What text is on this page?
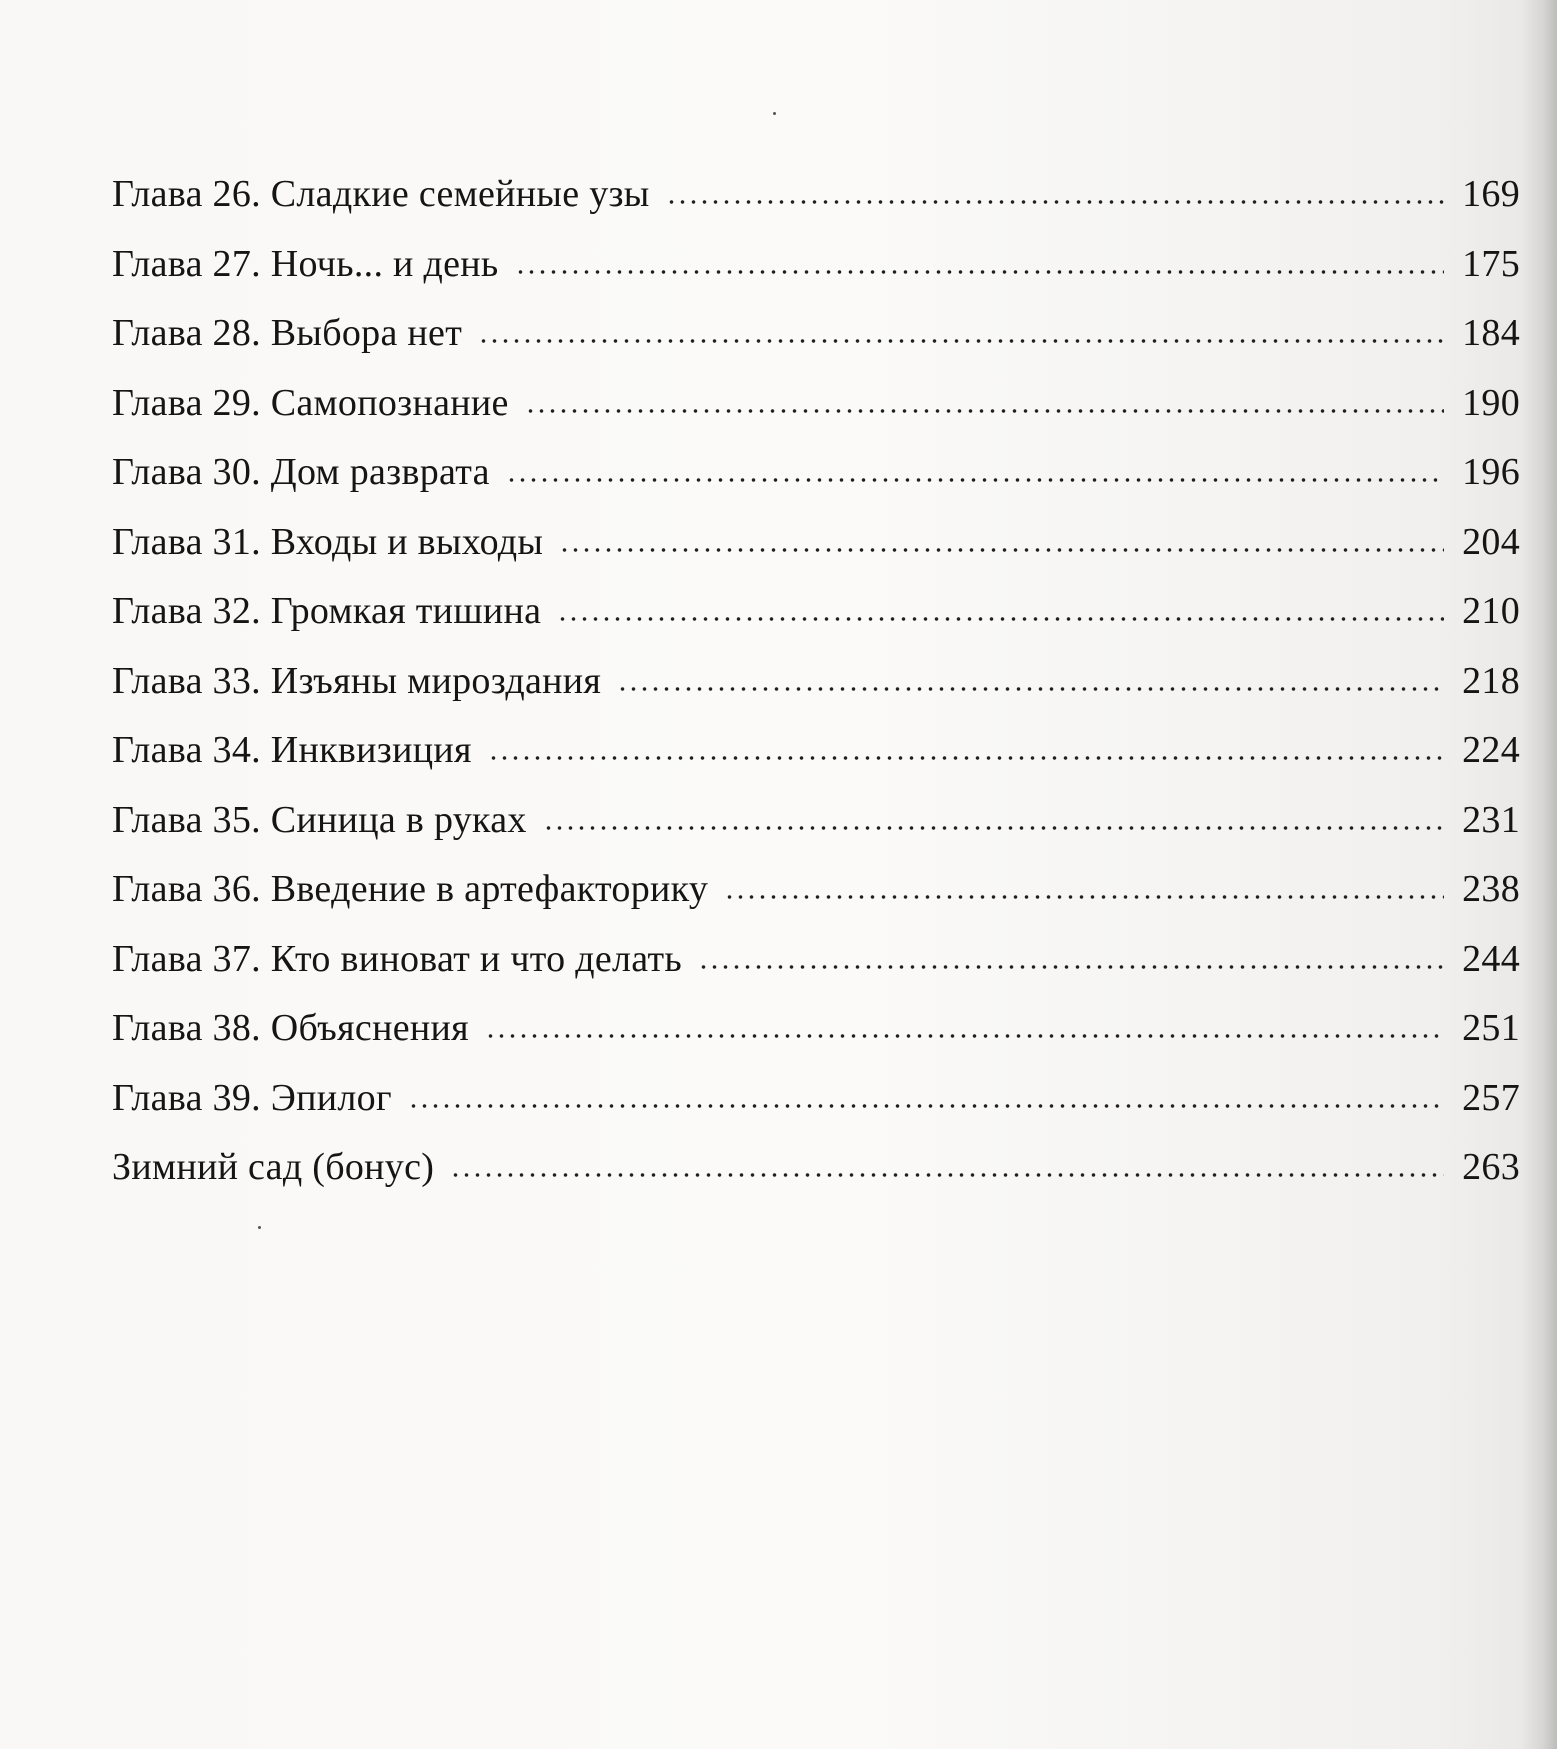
Глава 26. Сладкие семейные узы	169
Глава 27. Ночь... и день	175
Глава 28. Выбора нет	184
Глава 29. Самопознание	190
Глава 30. Дом разврата	196
Глава 31. Входы и выходы	204
Глава 32. Громкая тишина	210
Глава 33. Изъяны мироздания	218
Глава 34. Инквизиция	224
Глава 35. Синица в руках	231
Глава 36. Введение в артефакторику	238
Глава 37. Кто виноват и что делать	244
Глава 38. Объяснения	251
Глава 39. Эпилог	257
Зимний сад (бонус)	263
